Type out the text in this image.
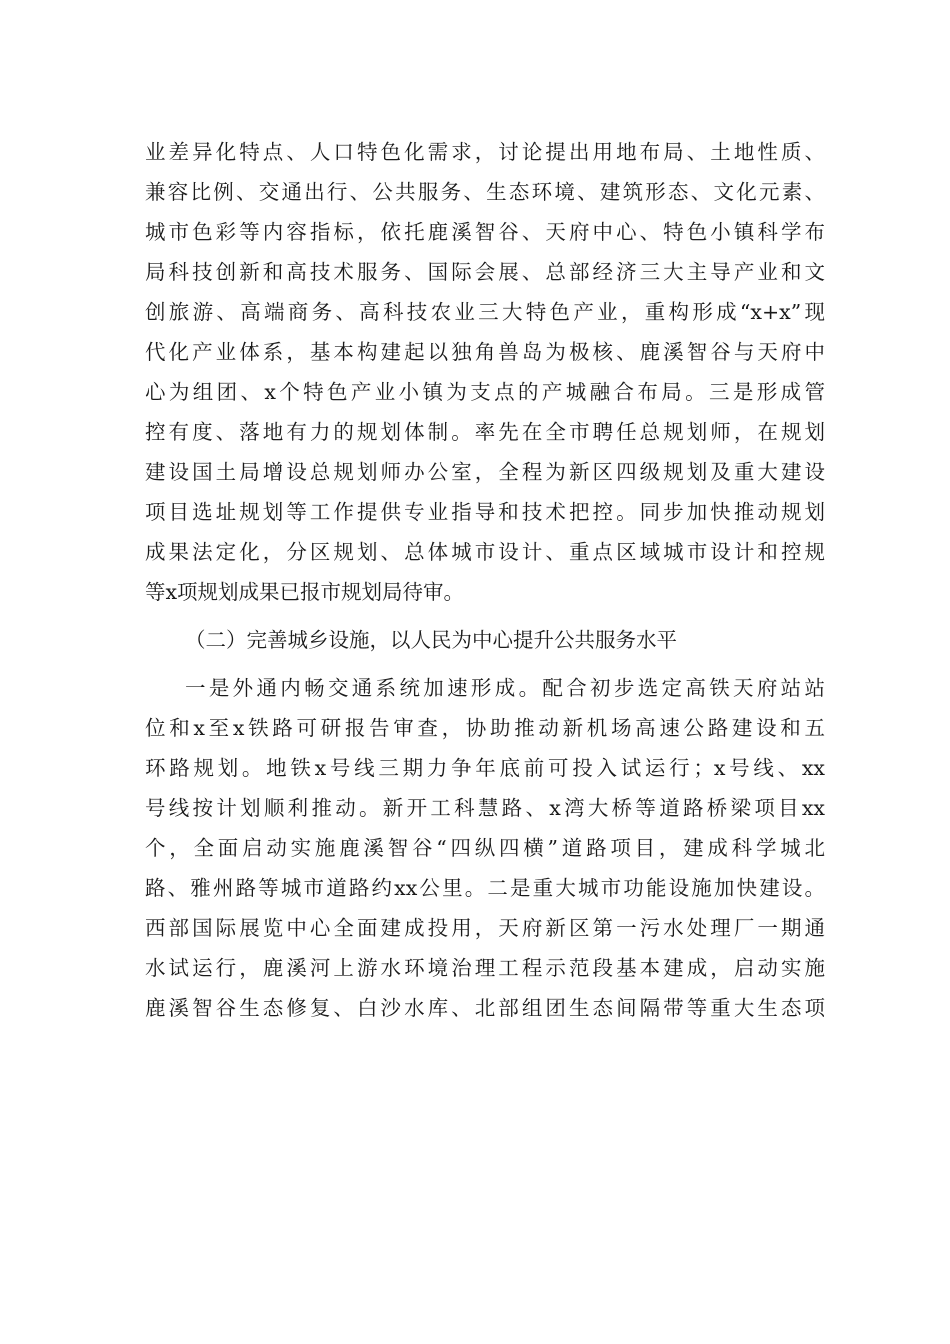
业差异化特点、人口特色化需求，讨论提出用地布局、土地性质、
兼容比例、交通出行、公共服务、生态环境、建筑形态、文化元素、
城市色彩等内容指标，依托鹿溪智谷、天府中心、特色小镇科学布
局科技创新和高技术服务、国际会展、总部经济三大主导产业和文
创旅游、高端商务、高科技农业三大特色产业，重构形成“x+x”现
代化产业体系，基本构建起以独角兽岛为极核、鹿溪智谷与天府中
心为组团、x个特色产业小镇为支点的产城融合布局。三是形成管
控有度、落地有力的规划体制。率先在全市聘任总规划师，在规划
建设国土局增设总规划师办公室，全程为新区四级规划及重大建设
项目选址规划等工作提供专业指导和技术把控。同步加快推动规划
成果法定化，分区规划、总体城市设计、重点区域城市设计和控规
等x项规划成果已报市规划局待审。
（二）完善城乡设施，以人民为中心提升公共服务水平
一是外通内畅交通系统加速形成。配合初步选定高铁天府站站
位和x至x铁路可研报告审查，协助推动新机场高速公路建设和五
环路规划。地铁x号线三期力争年底前可投入试运行；x号线、xx
号线按计划顺利推动。新开工科慧路、x湾大桥等道路桥梁项目xx
个，全面启动实施鹿溪智谷“四纵四横”道路项目，建成科学城北
路、雅州路等城市道路约xx公里。二是重大城市功能设施加快建设。
西部国际展览中心全面建成投用，天府新区第一污水处理厂一期通
水试运行，鹿溪河上游水环境治理工程示范段基本建成，启动实施
鹿溪智谷生态修复、白沙水库、北部组团生态间隔带等重大生态项
